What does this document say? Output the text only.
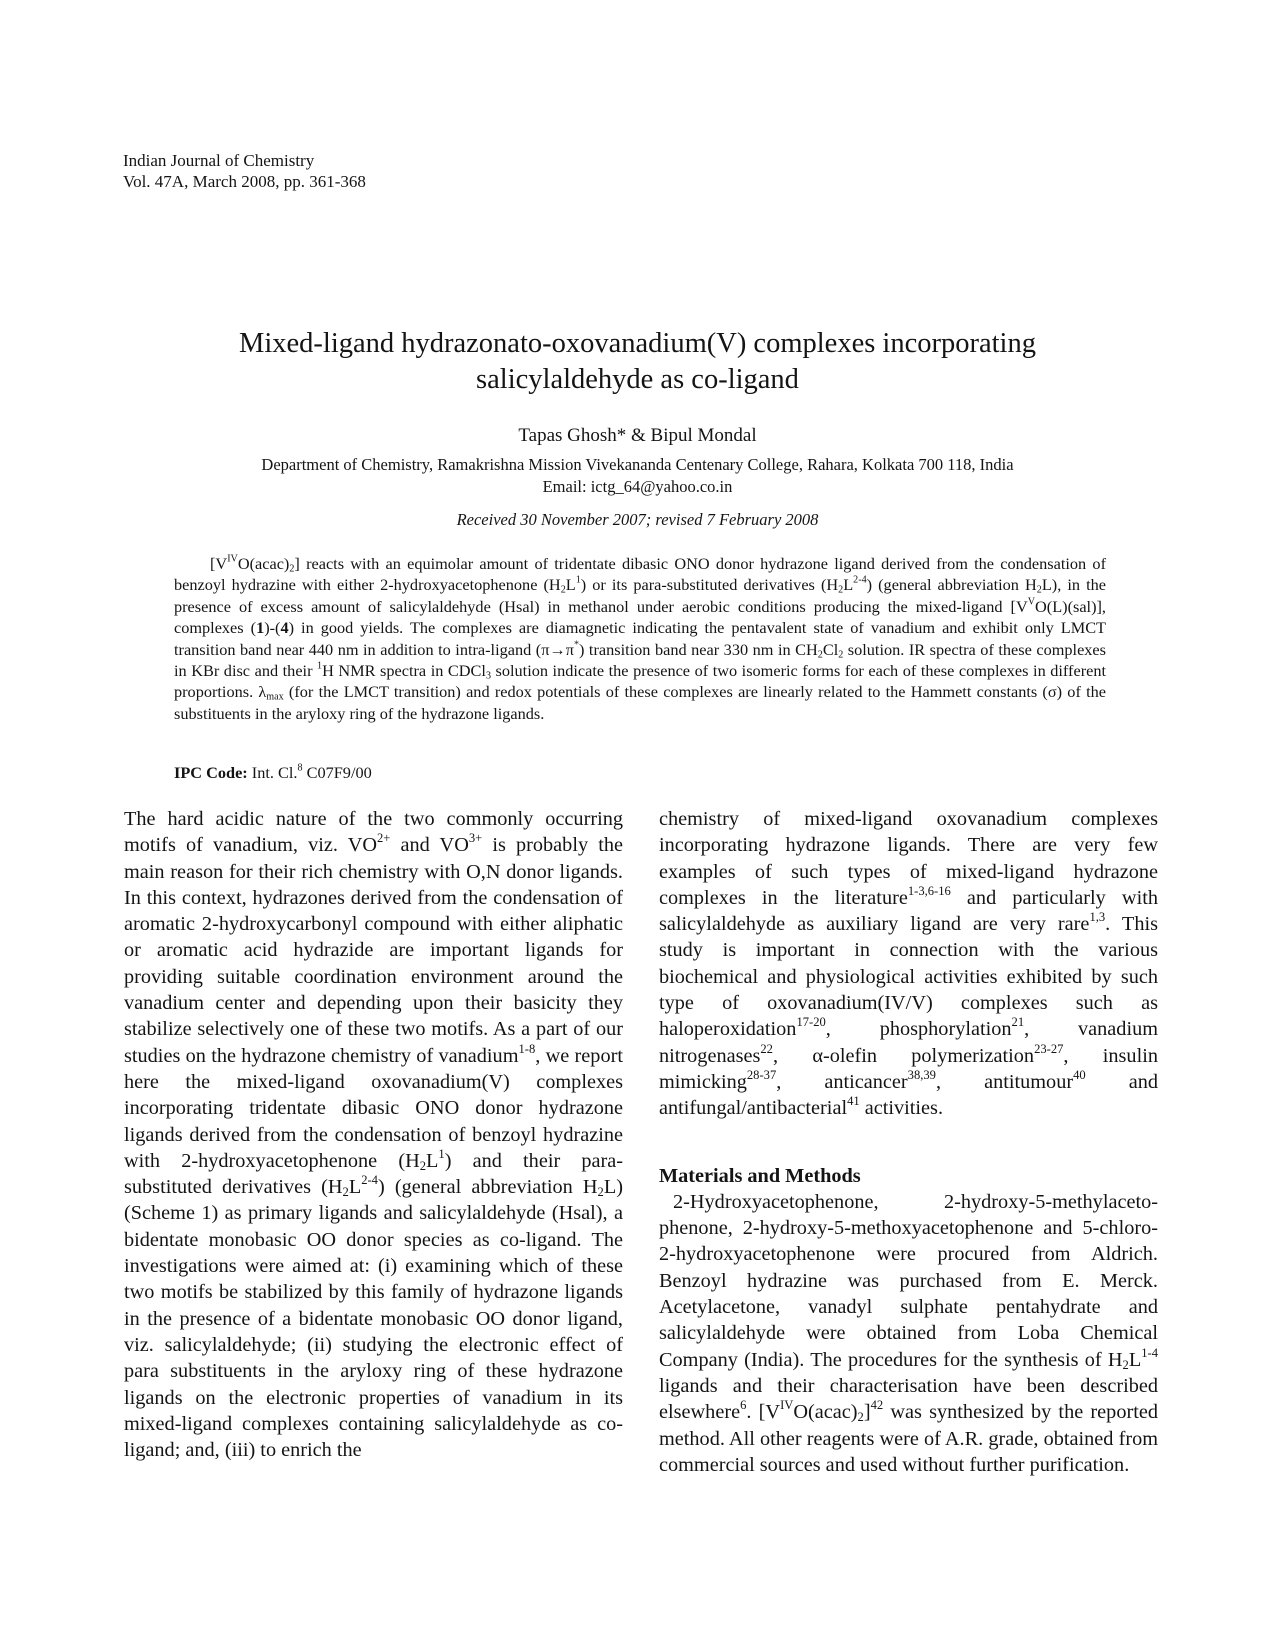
Indian Journal of Chemistry
Vol. 47A, March 2008, pp. 361-368
Mixed-ligand hydrazonato-oxovanadium(V) complexes incorporating
salicylaldehyde as co-ligand
Tapas Ghosh* & Bipul Mondal
Department of Chemistry, Ramakrishna Mission Vivekananda Centenary College, Rahara, Kolkata 700 118, India
Email: ictg_64@yahoo.co.in
Received 30 November 2007; revised 7 February 2008
$[V^{IV}O(acac)_2]$ reacts with an equimolar amount of tridentate dibasic ONO donor hydrazone ligand derived from the condensation of benzoyl hydrazine with either 2-hydroxyacetophenone $(H_2L^1)$ or its para-substituted derivatives $(H_2L^{2-4})$ (general abbreviation $H_2L$), in the presence of excess amount of salicylaldehyde (Hsal) in methanol under aerobic conditions producing the mixed-ligand $[V^VO(L)(sal)]$, complexes (1)-(4) in good yields. The complexes are diamagnetic indicating the pentavalent state of vanadium and exhibit only LMCT transition band near 440 nm in addition to intra-ligand (π→π*) transition band near 330 nm in $CH_2Cl_2$ solution. IR spectra of these complexes in KBr disc and their $^1$H NMR spectra in CDCl$_3$ solution indicate the presence of two isomeric forms for each of these complexes in different proportions. $\lambda_{max}$ (for the LMCT transition) and redox potentials of these complexes are linearly related to the Hammett constants (σ) of the substituents in the aryloxy ring of the hydrazone ligands.
IPC Code: Int. Cl.$^8$ C07F9/00

The hard acidic nature of the two commonly occurring motifs of vanadium, viz. $VO^{2+}$ and $VO^{3+}$ is probably the main reason for their rich chemistry with O,N donor ligands. In this context, hydrazones derived from the condensation of aromatic 2-hydroxycarbonyl compound with either aliphatic or aromatic acid hydrazide are important ligands for providing suitable coordination environment around the vanadium center and depending upon their basicity they stabilize selectively one of these two motifs. As a part of our studies on the hydrazone chemistry of vanadium$^{1-8}$, we report here the mixed-ligand oxovanadium(V) complexes incorporating tridentate dibasic ONO donor hydrazone ligands derived from the condensation of benzoyl hydrazine with 2-hydroxyacetophenone $(H_2L^1)$ and their para-substituted derivatives $(H_2L^{2-4})$ (general abbreviation $H_2L$) (Scheme 1) as primary ligands and salicylaldehyde (Hsal), a bidentate monobasic OO donor species as co-ligand. The investigations were aimed at: (i) examining which of these two motifs be stabilized by this family of hydrazone ligands in the presence of a bidentate monobasic OO donor ligand, viz. salicylaldehyde; (ii) studying the electronic effect of para substituents in the aryloxy ring of these hydrazone ligands on the electronic properties of vanadium in its mixed-ligand complexes containing salicylaldehyde as co-ligand; and, (iii) to enrich the

chemistry of mixed-ligand oxovanadium complexes incorporating hydrazone ligands. There are very few examples of such types of mixed-ligand hydrazone complexes in the literature$^{1-3,6-16}$ and particularly with salicylaldehyde as auxiliary ligand are very rare$^{1,3}$. This study is important in connection with the various biochemical and physiological activities exhibited by such type of oxovanadium(IV/V) complexes such as haloperoxidation$^{17-20}$, phosphorylation$^{21}$, vanadium nitrogenases$^{22}$, α-olefin polymerization$^{23-27}$, insulin mimicking$^{28-37}$, anticancer$^{38,39}$, antitumour$^{40}$ and antifungal/antibacterial$^{41}$ activities.

Materials and Methods

2-Hydroxyacetophenone, 2-hydroxy-5-methylaceto-phenone, 2-hydroxy-5-methoxyacetophenone and 5-chloro-2-hydroxyacetophenone were procured from Aldrich. Benzoyl hydrazine was purchased from E. Merck. Acetylacetone, vanadyl sulphate pentahydrate and salicylaldehyde were obtained from Loba Chemical Company (India). The procedures for the synthesis of $H_2L^{1-4}$ ligands and their characterisation have been described elsewhere$^6$. $[V^{IV}O(acac)_2]^{42}$ was synthesized by the reported method. All other reagents were of A.R. grade, obtained from commercial sources and used without further purification.
